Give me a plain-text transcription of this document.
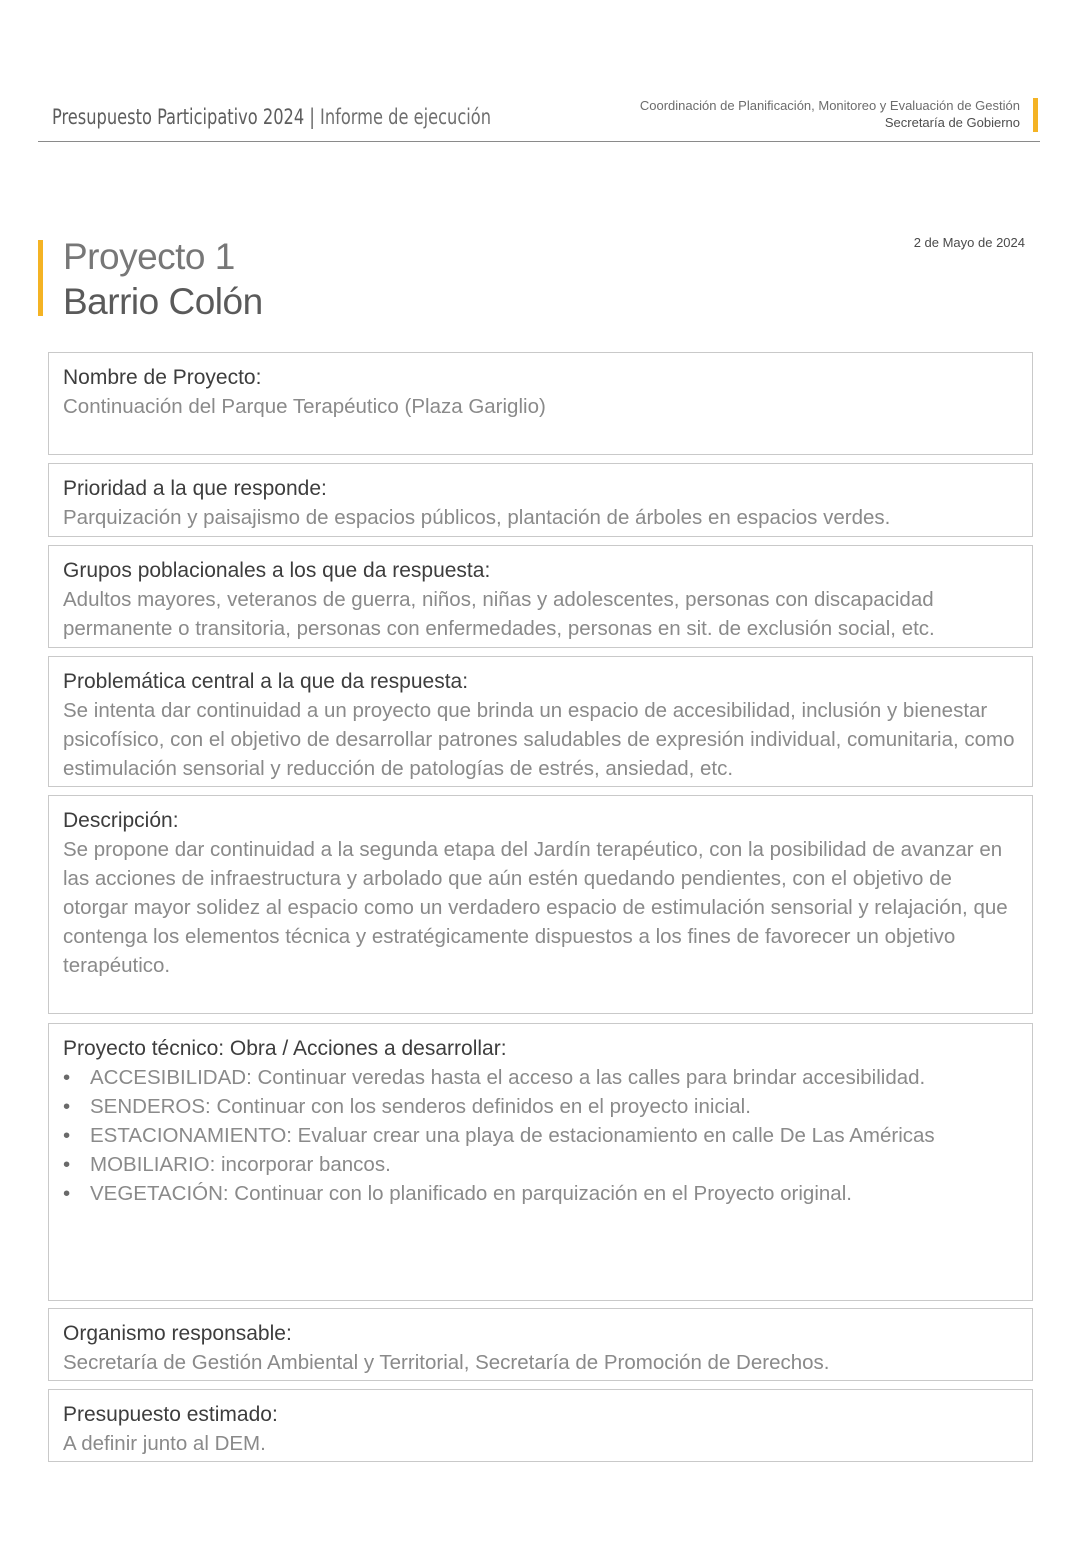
Presupuesto Participativo 2024 | Informe de ejecución	Coordinación de Planificación, Monitoreo y Evaluación de Gestión
Secretaría de Gobierno
Proyecto 1
Barrio Colón
2 de Mayo de 2024
Nombre de Proyecto:
Continuación del Parque Terapéutico (Plaza Gariglio)
Prioridad a la que responde:
Parquización y paisajismo de espacios públicos, plantación de árboles en espacios verdes.
Grupos poblacionales a los que da respuesta:
Adultos mayores, veteranos de guerra, niños, niñas y adolescentes, personas con discapacidad permanente o transitoria, personas con enfermedades, personas en sit. de exclusión social, etc.
Problemática central a la que da respuesta:
Se intenta dar continuidad a un proyecto que brinda un espacio de accesibilidad, inclusión y bienestar psicofísico, con el objetivo de desarrollar patrones saludables de expresión individual, comunitaria, como estimulación sensorial y reducción de patologías de estrés, ansiedad, etc.
Descripción:
Se propone dar continuidad a la segunda etapa del Jardín terapéutico, con la posibilidad de avanzar en las acciones de infraestructura y arbolado que aún estén quedando pendientes, con el objetivo de otorgar mayor solidez al espacio como un verdadero espacio de estimulación sensorial y relajación, que contenga los elementos técnica y estratégicamente dispuestos a los fines de favorecer un objetivo terapéutico.
Proyecto técnico: Obra / Acciones a desarrollar:
• ACCESIBILIDAD: Continuar veredas hasta el acceso a las calles para brindar accesibilidad.
• SENDEROS: Continuar con los senderos definidos en el proyecto inicial.
• ESTACIONAMIENTO: Evaluar crear una playa de estacionamiento en calle De Las Américas
• MOBILIARIO: incorporar bancos.
• VEGETACIÓN: Continuar con lo planificado en parquización en el Proyecto original.
Organismo responsable:
Secretaría de Gestión Ambiental y Territorial, Secretaría de Promoción de Derechos.
Presupuesto estimado:
A definir junto al DEM.
